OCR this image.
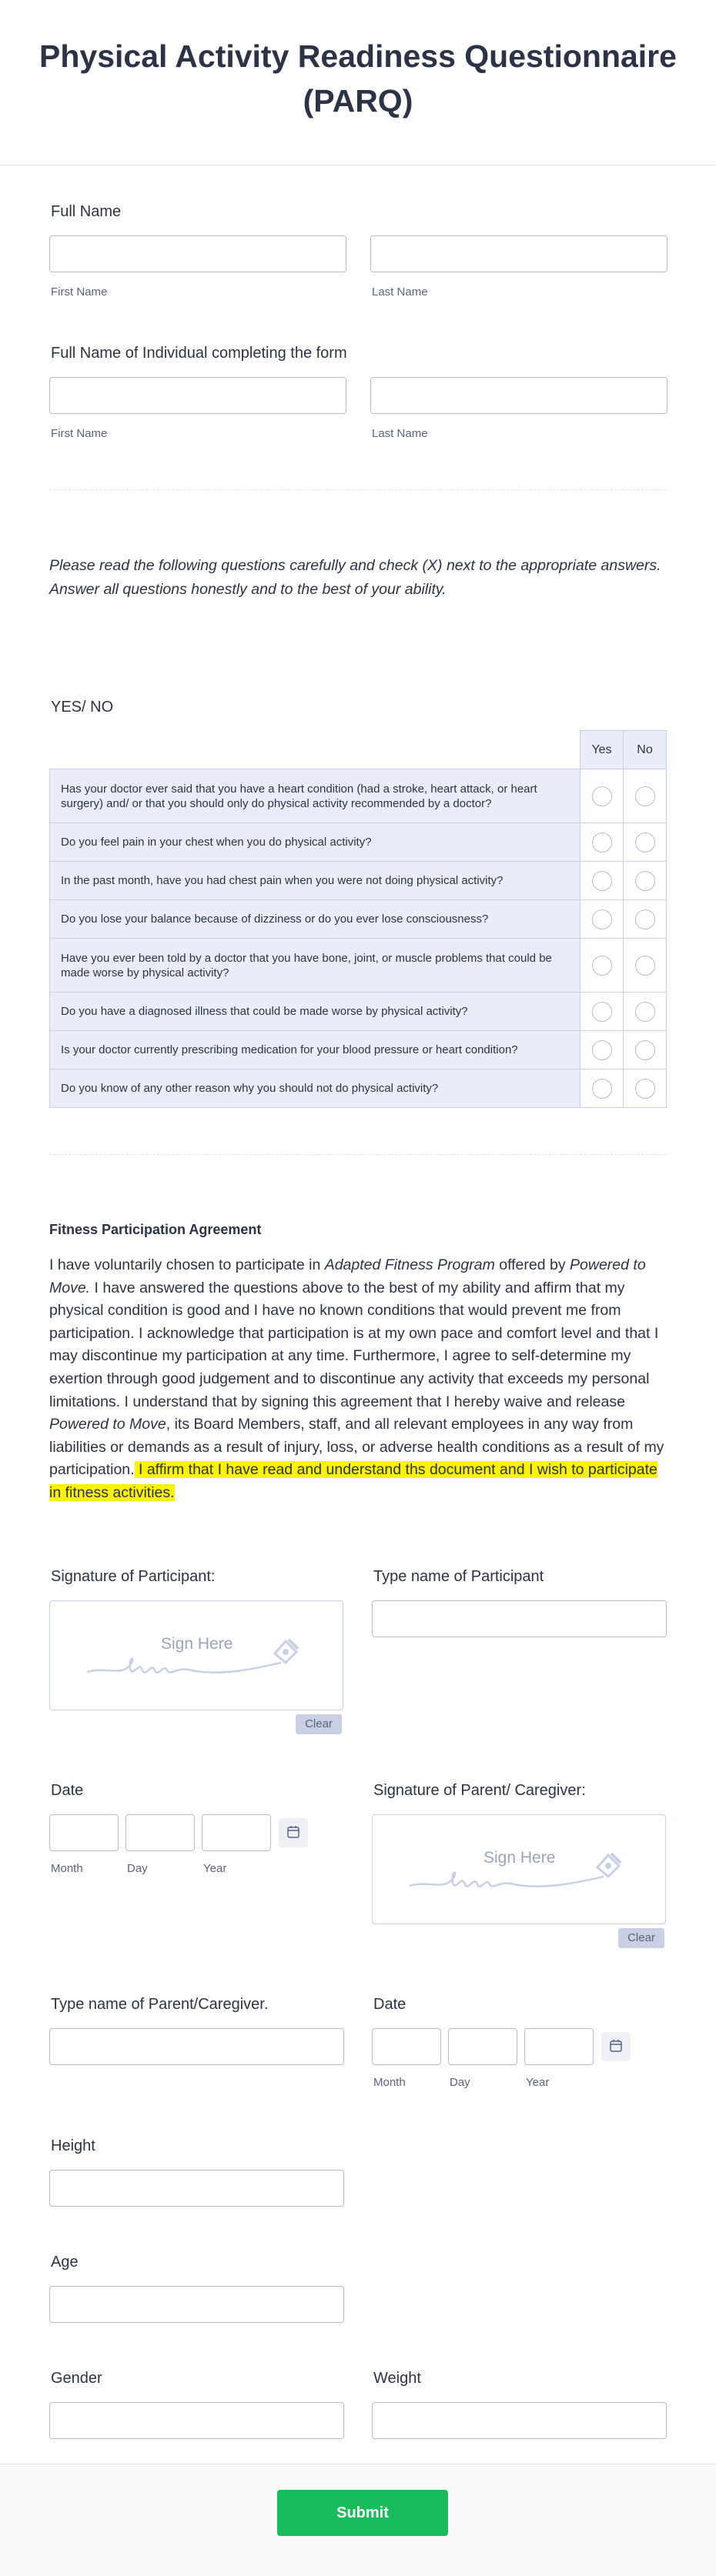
Physical Activity Readiness Questionnaire (PARQ)
Full Name
First Name	Last Name
Full Name of Individual completing the form
First Name	Last Name
Please read the following questions carefully and check (X) next to the appropriate answers. Answer all questions honestly and to the best of your ability.
YES/ NO
	Yes	No
Has your doctor ever said that you have a heart condition (had a stroke, heart attack, or heart surgery) and/ or that you should only do physical activity recommended by a doctor?		
Do you feel pain in your chest when you do physical activity?		
In the past month, have you had chest pain when you were not doing physical activity?		
Do you lose your balance because of dizziness or do you ever lose consciousness?		
Have you ever been told by a doctor that you have bone, joint, or muscle problems that could be made worse by physical activity?		
Do you have a diagnosed illness that could be made worse by physical activity?		
Is your doctor currently prescribing medication for your blood pressure or heart condition?		
Do you know of any other reason why you should not do physical activity?		
Fitness Participation Agreement
I have voluntarily chosen to participate in Adapted Fitness Program offered by Powered to Move. I have answered the questions above to the best of my ability and affirm that my physical condition is good and I have no known conditions that would prevent me from participation. I acknowledge that participation is at my own pace and comfort level and that I may discontinue my participation at any time. Furthermore, I agree to self-determine my exertion through good judgement and to discontinue any activity that exceeds my personal limitations. I understand that by signing this agreement that I hereby waive and release Powered to Move, its Board Members, staff, and all relevant employees in any way from liabilities or demands as a result of injury, loss, or adverse health conditions as a result of my participation. I affirm that I have read and understand ths document and I wish to participate in fitness activities.
Signature of Participant:
Sign Here
Clear
Type name of Participant
Date
Month	Day	Year
Signature of Parent/ Caregiver:
Sign Here
Clear
Type name of Parent/Caregiver.	Date
Month	Day	Year
Height
Age
Gender	Weight
Submit
